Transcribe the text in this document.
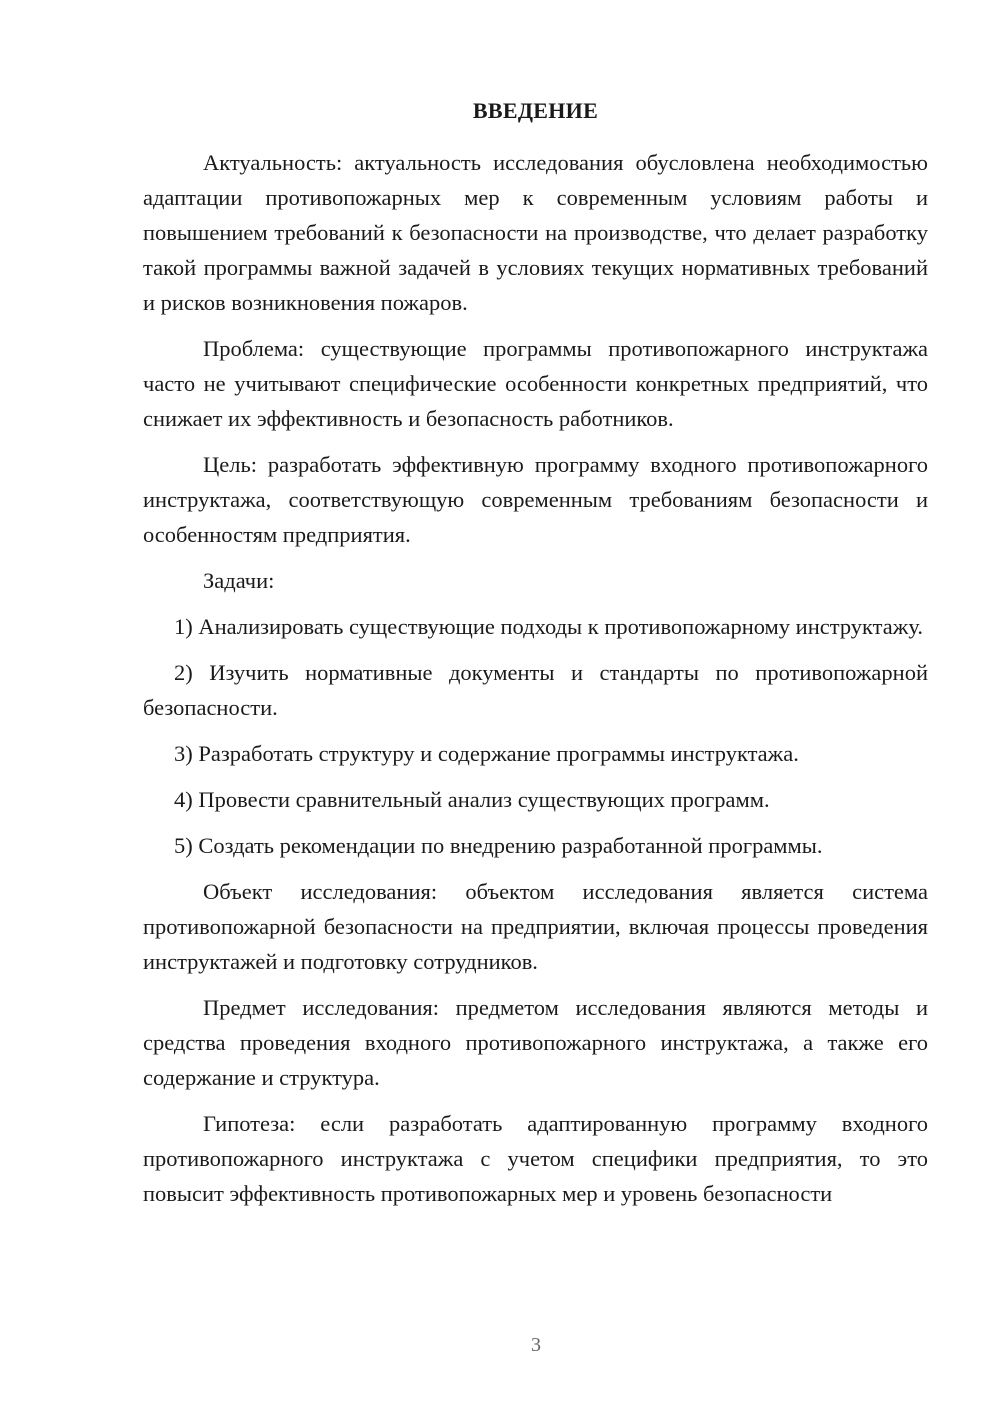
ВВЕДЕНИЕ

Актуальность: актуальность исследования обусловлена необходимостью адаптации противопожарных мер к современным условиям работы и повышением требований к безопасности на производстве, что делает разработку такой программы важной задачей в условиях текущих нормативных требований и рисков возникновения пожаров.

Проблема: существующие программы противопожарного инструктажа часто не учитывают специфические особенности конкретных предприятий, что снижает их эффективность и безопасность работников.

Цель: разработать эффективную программу входного противопожарного инструктажа, соответствующую современным требованиям безопасности и особенностям предприятия.

Задачи:

1) Анализировать существующие подходы к противопожарному инструктажу.

2) Изучить нормативные документы и стандарты по противопожарной безопасности.

3) Разработать структуру и содержание программы инструктажа.

4) Провести сравнительный анализ существующих программ.

5) Создать рекомендации по внедрению разработанной программы.

Объект исследования: объектом исследования является система противопожарной безопасности на предприятии, включая процессы проведения инструктажей и подготовку сотрудников.

Предмет исследования: предметом исследования являются методы и средства проведения входного противопожарного инструктажа, а также его содержание и структура.

Гипотеза: если разработать адаптированную программу входного противопожарного инструктажа с учетом специфики предприятия, то это повысит эффективность противопожарных мер и уровень безопасности

3
